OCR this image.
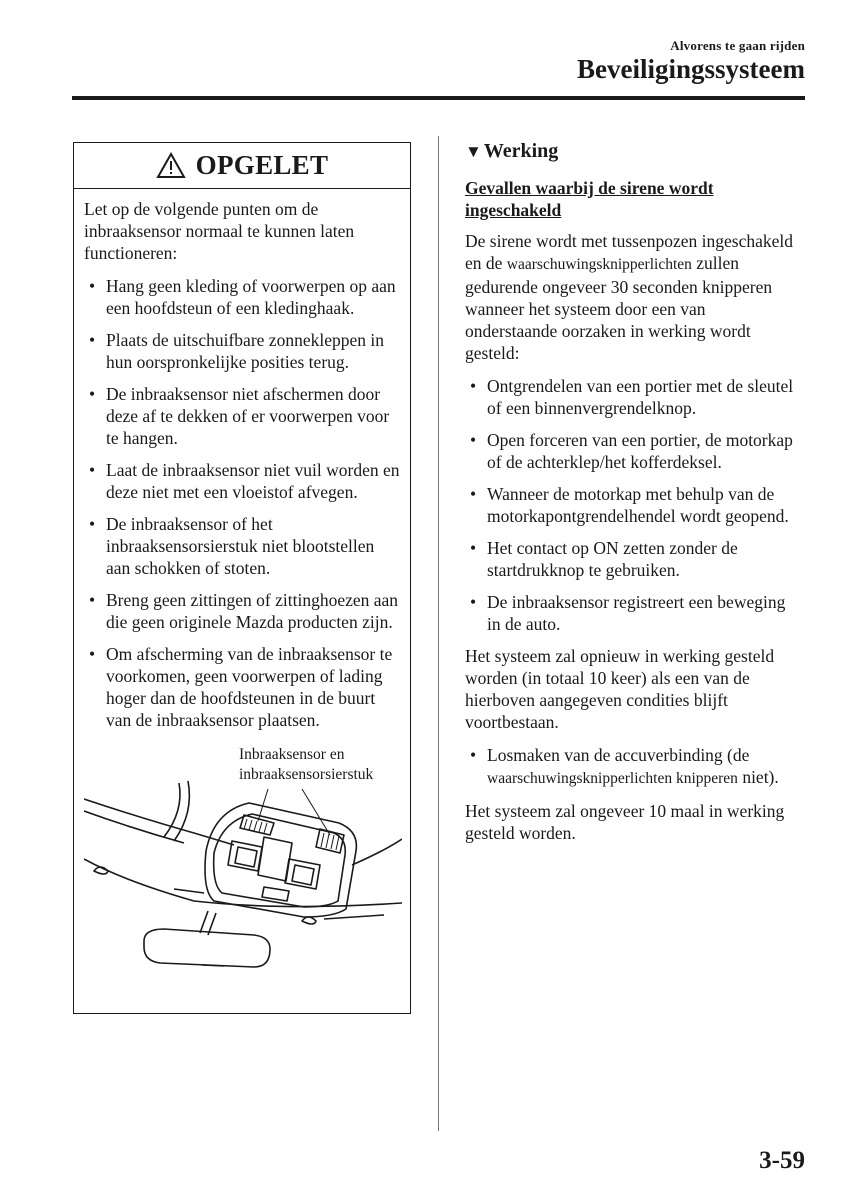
Alvorens te gaan rijden
Beveiligingssysteem
OPGELET

Let op de volgende punten om de inbraaksensor normaal te kunnen laten functioneren:

• Hang geen kleding of voorwerpen op aan een hoofdsteun of een kledinghaak.
• Plaats de uitschuifbare zonnekleppen in hun oorspronkelijke posities terug.
• De inbraaksensor niet afschermen door deze af te dekken of er voorwerpen voor te hangen.
• Laat de inbraaksensor niet vuil worden en deze niet met een vloeistof afvegen.
• De inbraaksensor of het inbraaksensorsierstuk niet blootstellen aan schokken of stoten.
• Breng geen zittingen of zittinghoezen aan die geen originele Mazda producten zijn.
• Om afscherming van de inbraaksensor te voorkomen, geen voorwerpen of lading hoger dan de hoofdsteunen in de buurt van de inbraaksensor plaatsen.
Inbraaksensor en
inbraaksensorsierstuk
▼ Werking
Gevallen waarbij de sirene wordt ingeschakeld

De sirene wordt met tussenpozen ingeschakeld en de waarschuwingsknipperlichten zullen gedurende ongeveer 30 seconden knipperen wanneer het systeem door een van onderstaande oorzaken in werking wordt gesteld:

• Ontgrendelen van een portier met de sleutel of een binnenvergrendelknop.
• Open forceren van een portier, de motorkap of de achterklep/het kofferdeksel.
• Wanneer de motorkap met behulp van de motorkapontgrendelhendel wordt geopend.
• Het contact op ON zetten zonder de startdrukknop te gebruiken.
• De inbraaksensor registreert een beweging in de auto.

Het systeem zal opnieuw in werking gesteld worden (in totaal 10 keer) als een van de hierboven aangegeven condities blijft voortbestaan.

• Losmaken van de accuverbinding (de waarschuwingsknipperlichten knipperen niet).

Het systeem zal ongeveer 10 maal in werking gesteld worden.

3-59
